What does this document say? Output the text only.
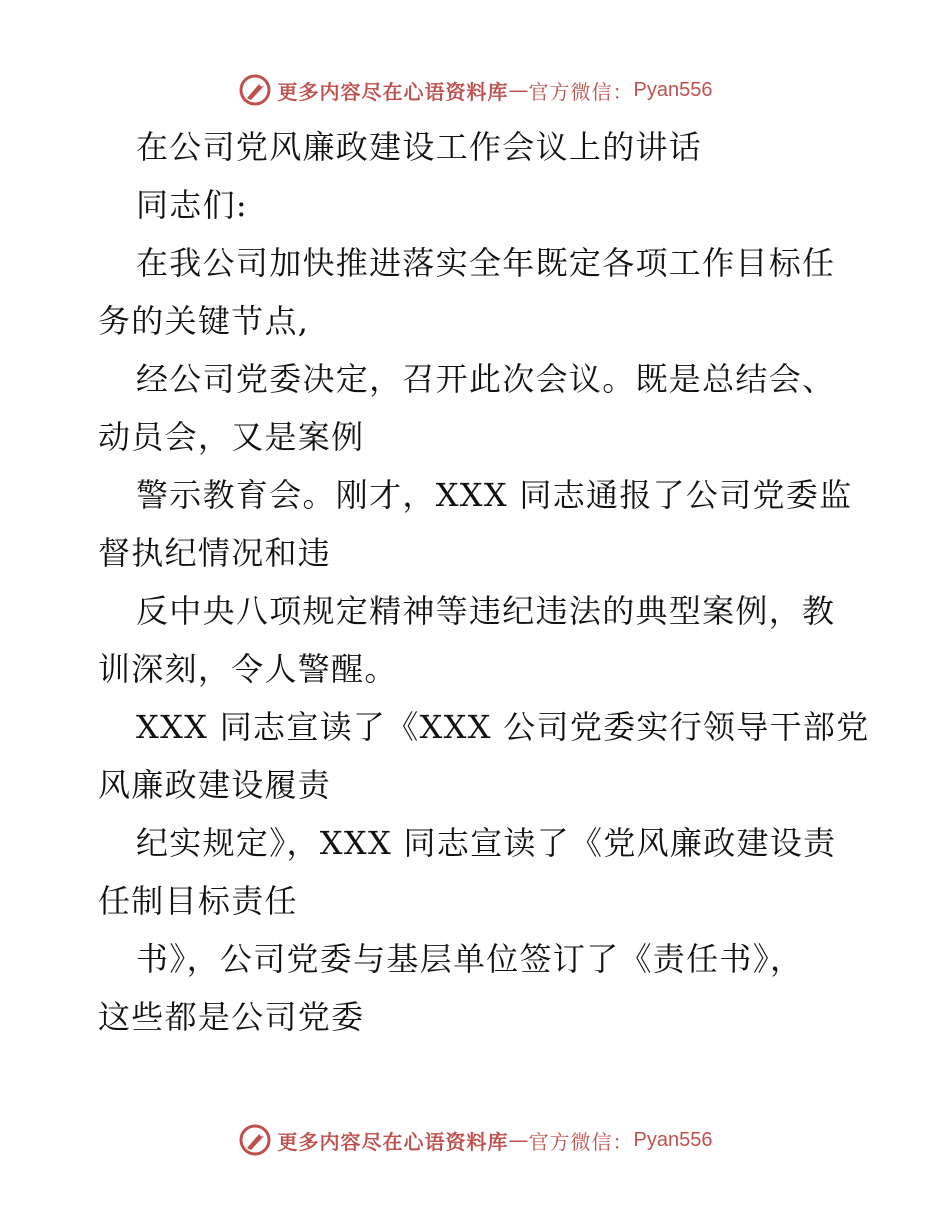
更多内容尽在心语资料库 — 官方微信： Pyan556
在公司党风廉政建设工作会议上的讲话
同志们:
在我公司加快推进落实全年既定各项工作目标任
务的关键节点,
经公司党委决定，召开此次会议。既是总结会、
动员会，又是案例
警示教育会。刚才，XXX 同志通报了公司党委监
督执纪情况和违
反中央八项规定精神等违纪违法的典型案例，教
训深刻，令人警醒。
XXX 同志宣读了《XXX 公司党委实行领导干部党
风廉政建设履责
纪实规定》，XXX 同志宣读了《党风廉政建设责
任制目标责任
书》，公司党委与基层单位签订了《责任书》，
这些都是公司党委
更多内容尽在心语资料库 — 官方微信： Pyan556
